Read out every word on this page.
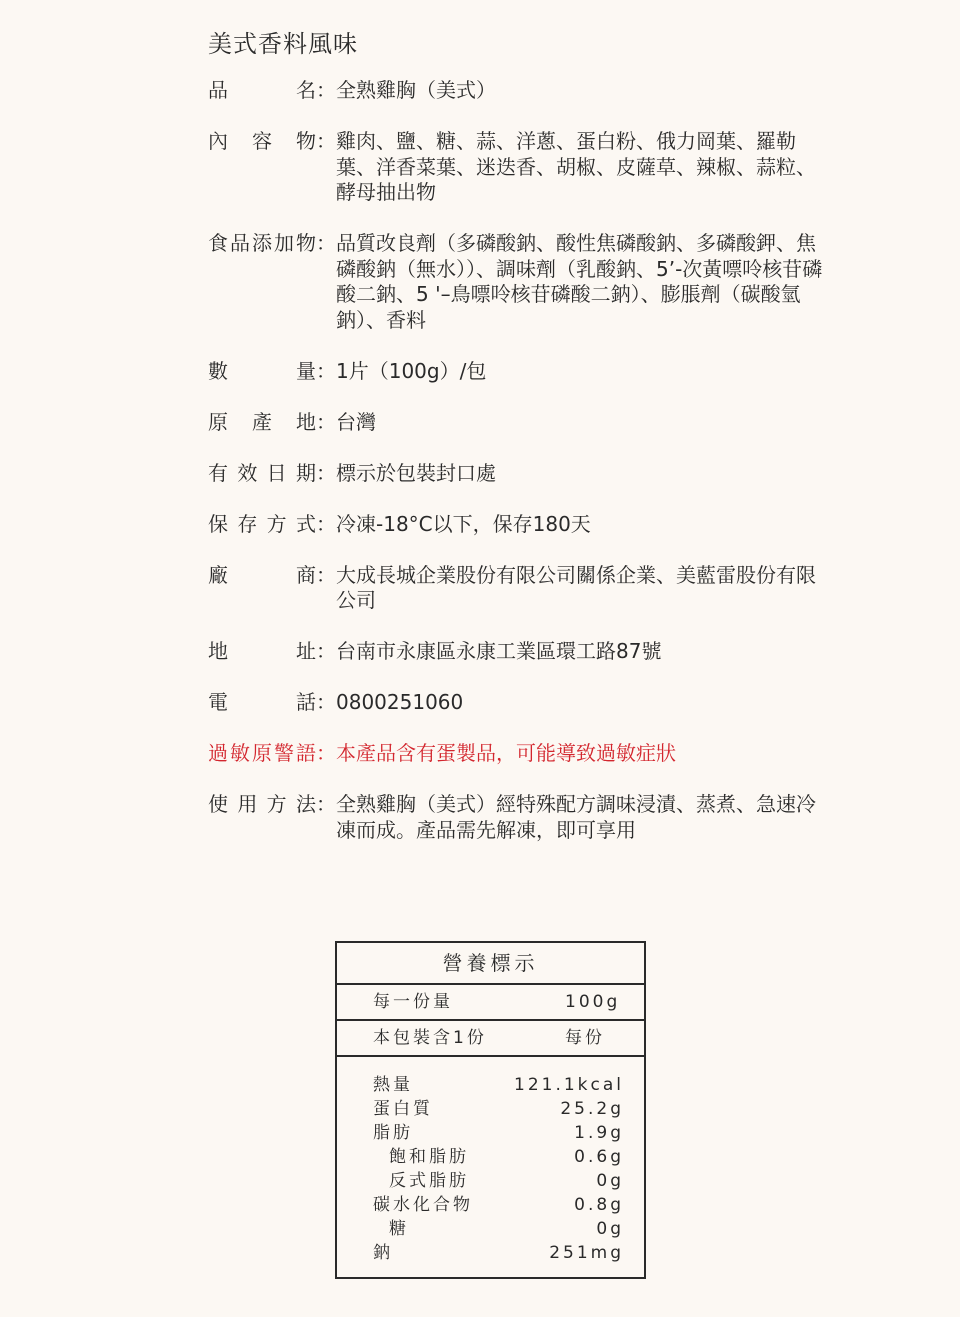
美式香料風味
品	名 ： 全熟雞胸（美式）
內 容 物 ： 雞肉、鹽、糖、蒜、洋蔥、蛋白粉、俄力岡葉、羅勒葉、洋香菜葉、迷迭香、胡椒、皮薩草、辣椒、蒜粒、酵母抽出物
食 品 添 加 物 ： 品質改良劑（多磷酸鈉、酸性焦磷酸鈉、多磷酸鉀、焦磷酸鈉（無水））、調味劑（乳酸鈉、5’-次黃嘌呤核苷磷酸二鈉、5 '–鳥嘌呤核苷磷酸二鈉）、膨脹劑（碳酸氫鈉）、香料
數	量 ： 1片（100g）/包
原 產 地 ： 台灣
有 效 日 期 ： 標示於包裝封口處
保 存 方 式 ： 冷凍-18°C以下，保存180天
廠	商 ： 大成長城企業股份有限公司關係企業、美藍雷股份有限公司
地	址 ： 台南市永康區永康工業區環工路87號
電	話 ： 0800251060
過 敏 原 警 語 ： 本產品含有蛋製品，可能導致過敏症狀
使 用 方 法 ： 全熟雞胸（美式）經特殊配方調味浸漬、蒸煮、急速冷凍而成。產品需先解凍，即可享用
營養標示
每一份量	100g
本包裝含1份	每份
熱量	121.1kcal
蛋白質	25.2g
脂肪	1.9g
飽和脂肪	0.6g
反式脂肪	0g
碳水化合物	0.8g
糖	0g
鈉	251mg
